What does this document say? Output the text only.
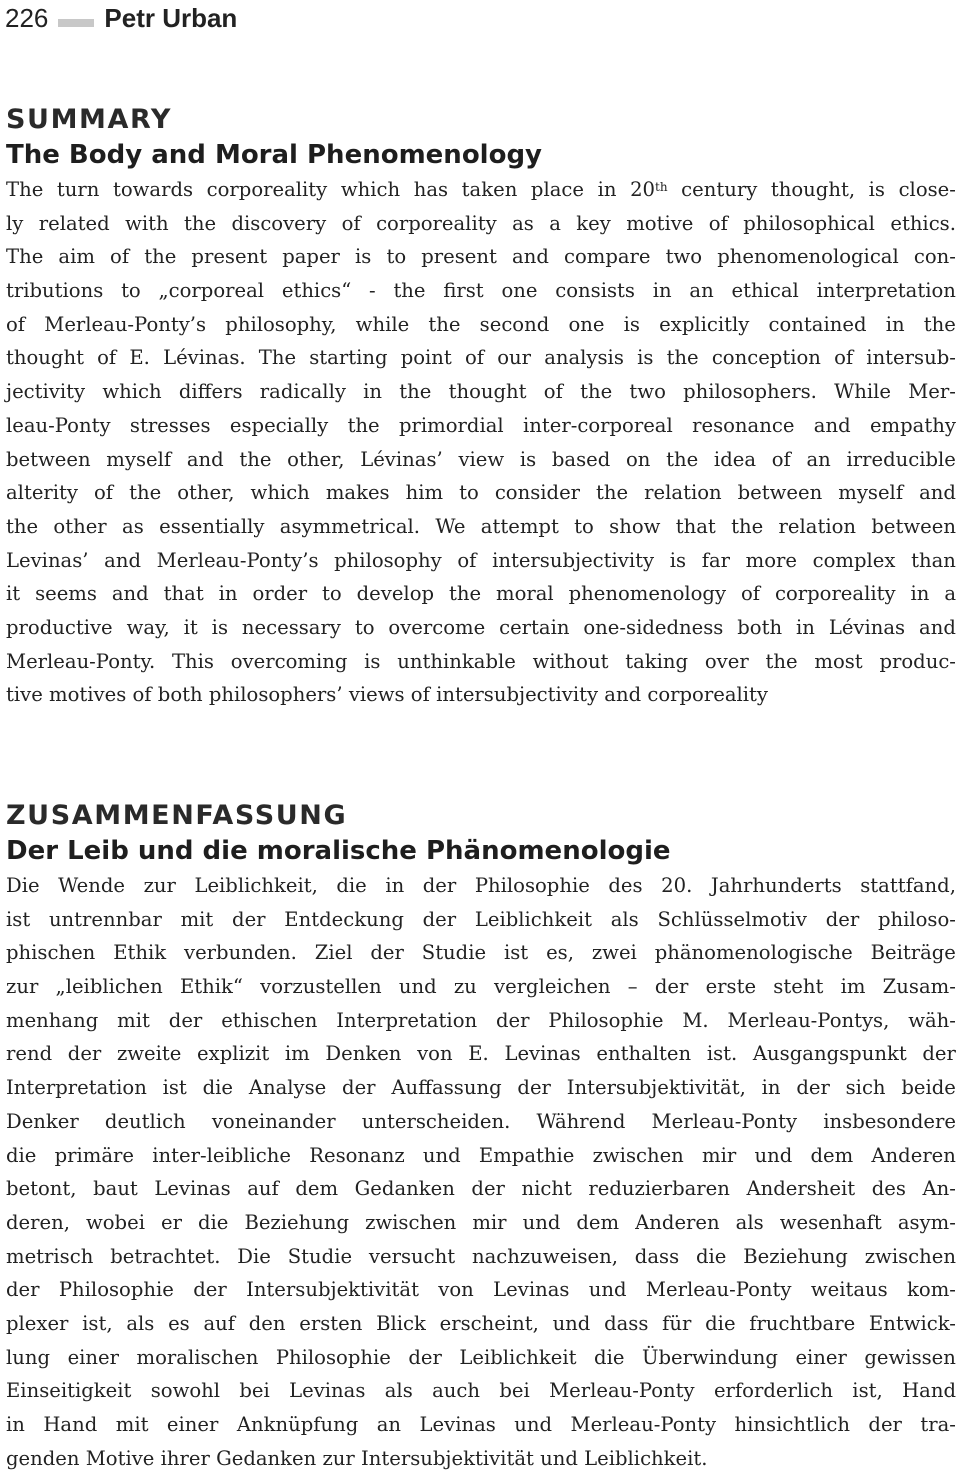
226 Petr Urban
SUMMARY
The Body and Moral Phenomenology
The turn towards corporeality which has taken place in 20th century thought, is close-
ly related with the discovery of corporeality as a key motive of philosophical ethics.
The aim of the present paper is to present and compare two phenomenological con-
tributions to „corporeal ethics“ - the first one consists in an ethical interpretation
of Merleau-Ponty’s philosophy, while the second one is explicitly contained in the
thought of E. Lévinas. The starting point of our analysis is the conception of intersub-
jectivity which differs radically in the thought of the two philosophers. While Mer-
leau-Ponty stresses especially the primordial inter-corporeal resonance and empathy
between myself and the other, Lévinas’ view is based on the idea of an irreducible
alterity of the other, which makes him to consider the relation between myself and
the other as essentially asymmetrical. We attempt to show that the relation between
Levinas’ and Merleau-Ponty’s philosophy of intersubjectivity is far more complex than
it seems and that in order to develop the moral phenomenology of corporeality in a
productive way, it is necessary to overcome certain one-sidedness both in Lévinas and
Merleau-Ponty. This overcoming is unthinkable without taking over the most produc-
tive motives of both philosophers’ views of intersubjectivity and corporeality
ZUSAMMENFASSUNG
Der Leib und die moralische Phänomenologie
Die Wende zur Leiblichkeit, die in der Philosophie des 20. Jahrhunderts stattfand,
ist untrennbar mit der Entdeckung der Leiblichkeit als Schlüsselmotiv der philoso-
phischen Ethik verbunden. Ziel der Studie ist es, zwei phänomenologische Beiträge
zur „leiblichen Ethik“ vorzustellen und zu vergleichen – der erste steht im Zusam-
menhang mit der ethischen Interpretation der Philosophie M. Merleau-Pontys, wäh-
rend der zweite explizit im Denken von E. Levinas enthalten ist. Ausgangspunkt der
Interpretation ist die Analyse der Auffassung der Intersubjektivität, in der sich beide
Denker deutlich voneinander unterscheiden. Während Merleau-Ponty insbesondere
die primäre inter-leibliche Resonanz und Empathie zwischen mir und dem Anderen
betont, baut Levinas auf dem Gedanken der nicht reduzierbaren Andersheit des An-
deren, wobei er die Beziehung zwischen mir und dem Anderen als wesenhaft asym-
metrisch betrachtet. Die Studie versucht nachzuweisen, dass die Beziehung zwischen
der Philosophie der Intersubjektivität von Levinas und Merleau-Ponty weitaus kom-
plexer ist, als es auf den ersten Blick erscheint, und dass für die fruchtbare Entwick-
lung einer moralischen Philosophie der Leiblichkeit die Überwindung einer gewissen
Einseitigkeit sowohl bei Levinas als auch bei Merleau-Ponty erforderlich ist, Hand
in Hand mit einer Anknüpfung an Levinas und Merleau-Ponty hinsichtlich der tra-
genden Motive ihrer Gedanken zur Intersubjektivität und Leiblichkeit.
